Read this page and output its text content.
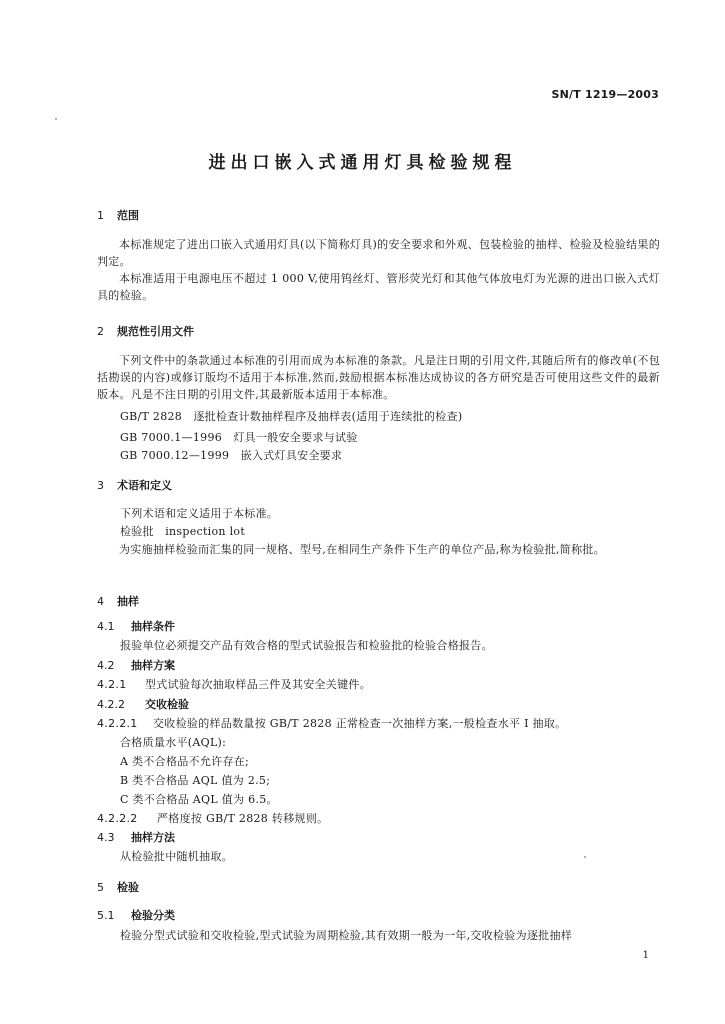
SN/T 1219—2003
进出口嵌入式通用灯具检验规程
1 范围
本标准规定了进出口嵌入式通用灯具(以下简称灯具)的安全要求和外观、包装检验的抽样、检验及检验结果的判定。
本标准适用于电源电压不超过 1 000 V,使用钨丝灯、管形荧光灯和其他气体放电灯为光源的进出口嵌入式灯具的检验。
2 规范性引用文件
下列文件中的条款通过本标准的引用而成为本标准的条款。凡是注日期的引用文件,其随后所有的修改单(不包括勘误的内容)或修订版均不适用于本标准,然而,鼓励根据本标准达成协议的各方研究是否可使用这些文件的最新版本。凡是不注日期的引用文件,其最新版本适用于本标准。
GB/T 2828　逐批检查计数抽样程序及抽样表(适用于连续批的检查)
GB 7000.1—1996　灯具一般安全要求与试验
GB 7000.12—1999　嵌入式灯具安全要求
3 术语和定义
下列术语和定义适用于本标准。
检验批　inspection lot
为实施抽样检验而汇集的同一规格、型号,在相同生产条件下生产的单位产品,称为检验批,简称批。
4 抽样
4.1 抽样条件
报验单位必须提交产品有效合格的型式试验报告和检验批的检验合格报告。
4.2 抽样方案
4.2.1 型式试验每次抽取样品三件及其安全关键件。
4.2.2 交收检验
4.2.2.1 交收检验的样品数量按 GB/T 2828 正常检查一次抽样方案,一般检查水平 Ⅰ 抽取。
合格质量水平(AQL):
A 类不合格品不允许存在;
B 类不合格品 AQL 值为 2.5;
C 类不合格品 AQL 值为 6.5。
4.2.2.2 严格度按 GB/T 2828 转移规则。
4.3 抽样方法
从检验批中随机抽取。
5 检验
5.1 检验分类
检验分型式试验和交收检验,型式试验为周期检验,其有效期一般为一年,交收检验为逐批抽样
1
